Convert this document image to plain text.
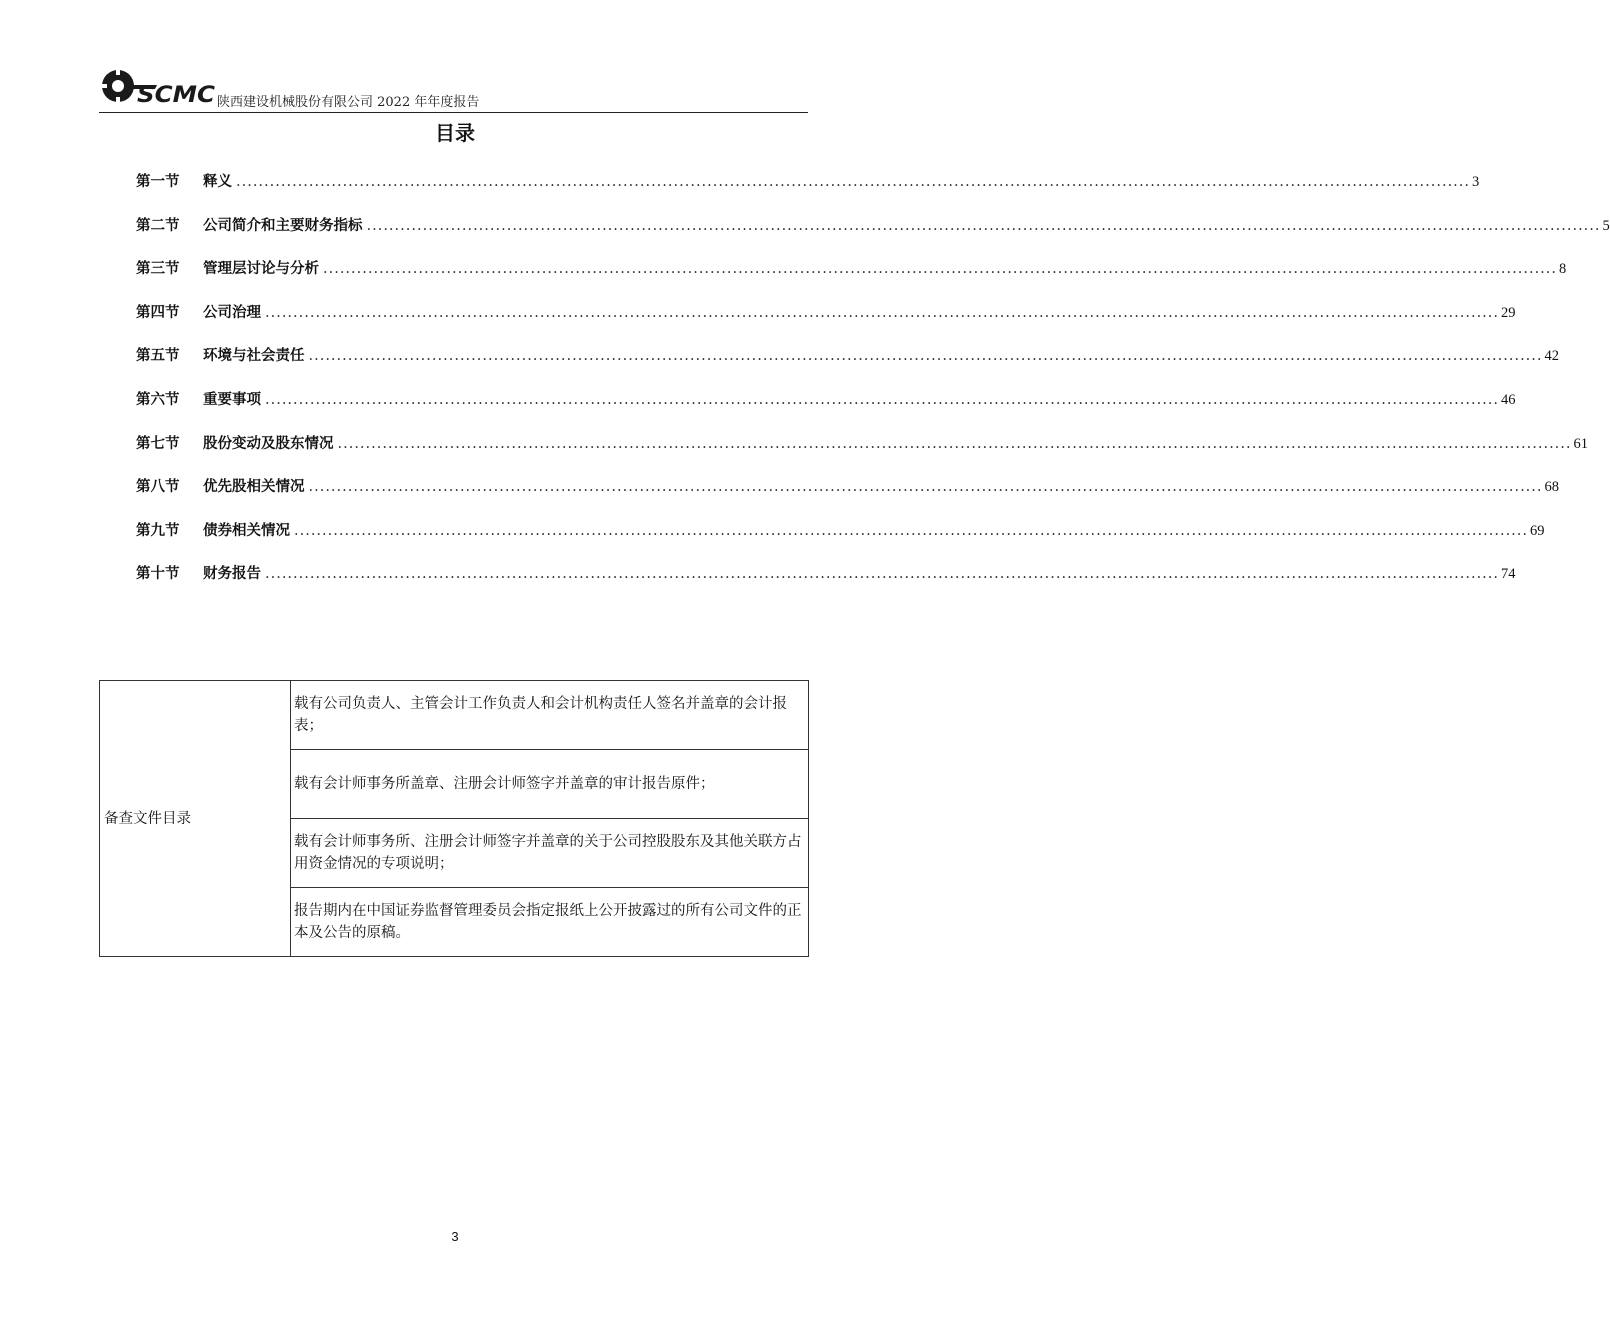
SCMC 陕西建设机械股份有限公司 2022 年年度报告
目录
第一节	释义 ............................................................................................................................................................................................................................ 3
第二节	公司简介和主要财务指标 ............................................................................................................................................................................................................................ 5
第三节	管理层讨论与分析 ............................................................................................................................................................................................................................ 8
第四节	公司治理 ............................................................................................................................................................................................................................ 29
第五节	环境与社会责任 ............................................................................................................................................................................................................................ 42
第六节	重要事项 ............................................................................................................................................................................................................................ 46
第七节	股份变动及股东情况 ............................................................................................................................................................................................................................ 61
第八节	优先股相关情况 ............................................................................................................................................................................................................................ 68
第九节	债券相关情况 ............................................................................................................................................................................................................................ 69
第十节	财务报告 ............................................................................................................................................................................................................................ 74
备查文件目录	载有公司负责人、主管会计工作负责人和会计机构责任人签名并盖章的会计报表；
载有会计师事务所盖章、注册会计师签字并盖章的审计报告原件；
载有会计师事务所、注册会计师签字并盖章的关于公司控股股东及其他关联方占用资金情况的专项说明；
报告期内在中国证券监督管理委员会指定报纸上公开披露过的所有公司文件的正本及公告的原稿。
3
